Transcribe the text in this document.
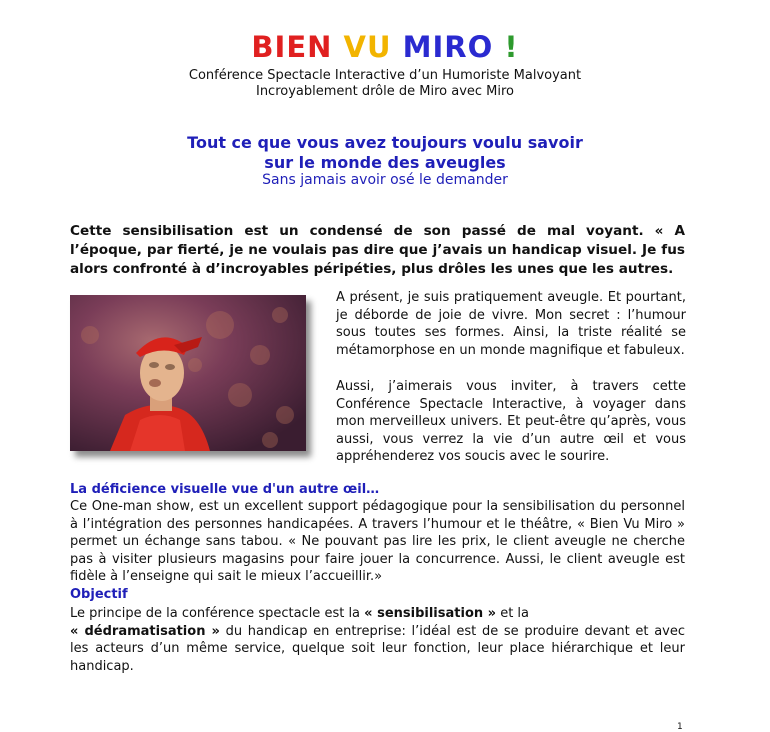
BIEN VU MIRO !
Conférence Spectacle Interactive d’un Humoriste Malvoyant
Incroyablement drôle de Miro avec Miro
Tout ce que vous avez toujours voulu savoir
sur le monde des aveugles
Sans jamais avoir osé le demander
Cette sensibilisation est un condensé de son passé de mal voyant. « A l’époque, par fierté, je ne voulais pas dire que j’avais un handicap visuel. Je fus alors confronté à d’incroyables péripéties, plus drôles les unes que les autres.
A présent, je suis pratiquement aveugle. Et pourtant, je déborde de joie de vivre. Mon secret : l’humour sous toutes ses formes. Ainsi, la triste réalité se métamorphose en un monde magnifique et fabuleux.
Aussi, j’aimerais vous inviter, à travers cette Conférence Spectacle Interactive, à voyager dans mon merveilleux univers. Et peut-être qu’après, vous aussi, vous verrez la vie d’un autre œil et vous appréhenderez vos soucis avec le sourire.
La déficience visuelle vue d'un autre œil…
Ce One-man show, est un excellent support pédagogique pour la sensibilisation du personnel à l’intégration des personnes handicapées. A travers l’humour et le théâtre, « Bien Vu Miro » permet un échange sans tabou. « Ne pouvant pas lire les prix, le client aveugle ne cherche pas à visiter plusieurs magasins pour faire jouer la concurrence. Aussi, le client aveugle est fidèle à l’enseigne qui sait le mieux l’accueillir.»
Objectif
Le principe de la conférence spectacle est la « sensibilisation » et la
« dédramatisation » du handicap en entreprise: l’idéal est de se produire devant et avec les acteurs d’un même service, quelque soit leur fonction, leur place hiérarchique et leur handicap.
1
